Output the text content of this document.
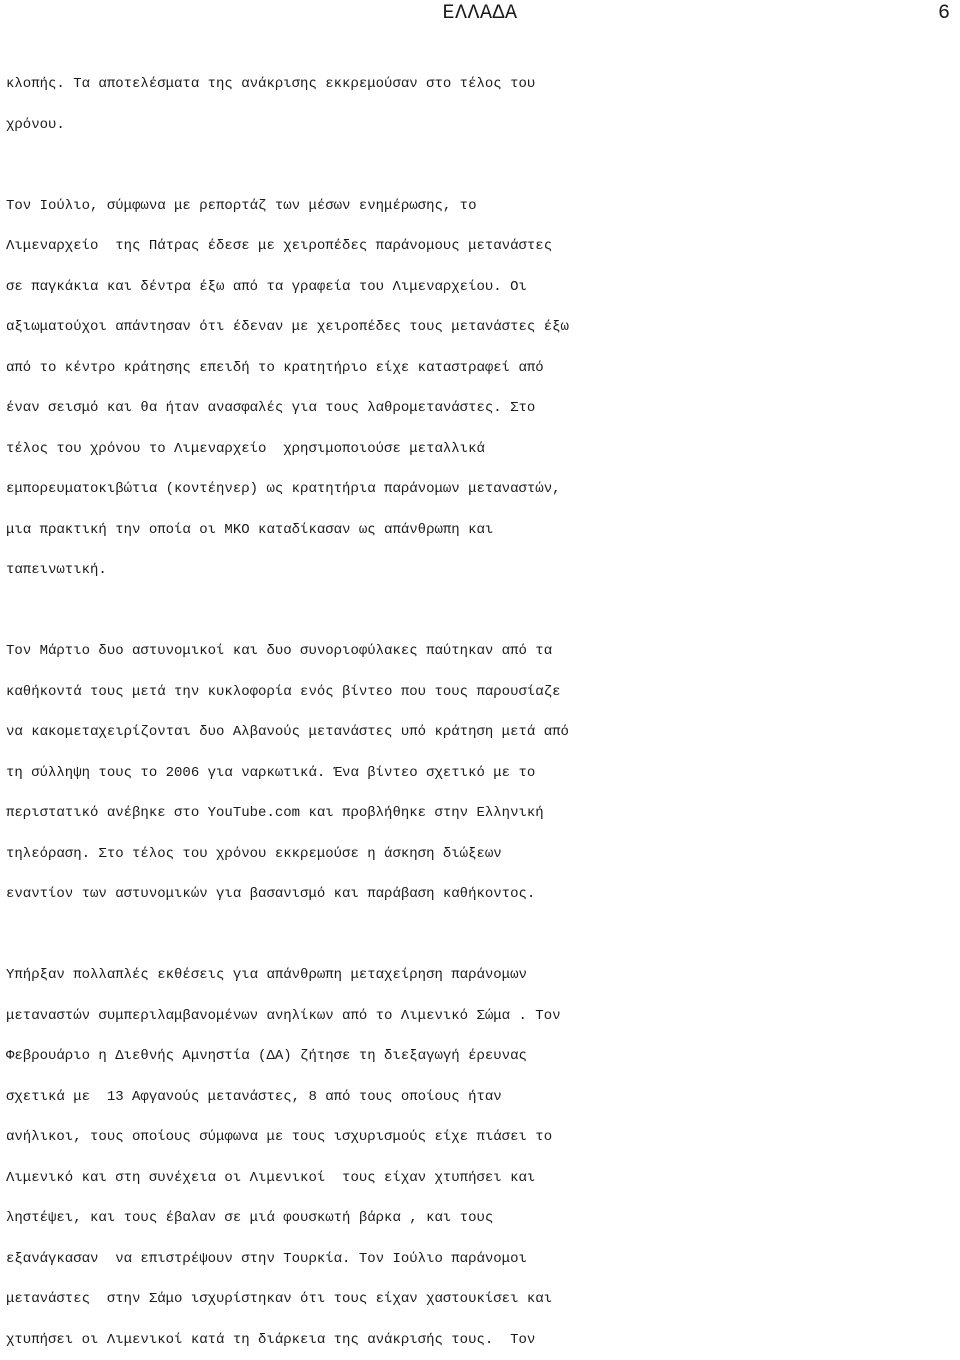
ΕΛΛΑΔΑ	6
κλοπής. Τα αποτελέσματα της ανάκρισης εκκρεμούσαν στο τέλος του
χρόνου.
Τον Ιούλιο, σύμφωνα με ρεπορτάζ των μέσων ενημέρωσης, το
Λιμεναρχείο  της Πάτρας έδεσε με χειροπέδες παράνομους μετανάστες
σε παγκάκια και δέντρα έξω από τα γραφεία του Λιμεναρχείου. Οι
αξιωματούχοι απάντησαν ότι έδεναν με χειροπέδες τους μετανάστες έξω
από το κέντρο κράτησης επειδή το κρατητήριο είχε καταστραφεί από
έναν σεισμό και θα ήταν ανασφαλές για τους λαθρομετανάστες. Στο
τέλος του χρόνου το Λιμεναρχείο  χρησιμοποιούσε μεταλλικά
εμπορευματοκιβώτια (κοντέηνερ) ως κρατητήρια παράνομων μεταναστών,
μια πρακτική την οποία οι ΜΚΟ καταδίκασαν ως απάνθρωπη και
ταπεινωτική.
Τον Μάρτιο δυο αστυνομικοί και δυο συνοριοφύλακες παύτηκαν από τα
καθήκοντά τους μετά την κυκλοφορία ενός βίντεο που τους παρουσίαζε
να κακομεταχειρίζονται δυο Αλβανούς μετανάστες υπό κράτηση μετά από
τη σύλληψη τους το 2006 για ναρκωτικά. Ένα βίντεο σχετικό με το
περιστατικό ανέβηκε στο YouTube.com και προβλήθηκε στην Ελληνική
τηλεόραση. Στο τέλος του χρόνου εκκρεμούσε η άσκηση διώξεων
εναντίον των αστυνομικών για βασανισμό και παράβαση καθήκοντος.
Υπήρξαν πολλαπλές εκθέσεις για απάνθρωπη μεταχείρηση παράνομων
μεταναστών συμπεριλαμβανομένων ανηλίκων από το Λιμενικό Σώμα . Τον
Φεβρουάριο η Διεθνής Αμνηστία (ΔΑ) ζήτησε τη διεξαγωγή έρευνας
σχετικά με  13 Αφγανούς μετανάστες, 8 από τους οποίους ήταν
ανήλικοι, τους οποίους σύμφωνα με τους ισχυρισμούς είχε πιάσει το
Λιμενικό και στη συνέχεια οι Λιμενικοί  τους είχαν χτυπήσει και
ληστέψει, και τους έβαλαν σε μιά φουσκωτή βάρκα , και τους
εξανάγκασαν  να επιστρέψουν στην Τουρκία. Τον Ιούλιο παράνομοι
μετανάστες  στην Σάμο ισχυρίστηκαν ότι τους είχαν χαστουκίσει και
χτυπήσει οι Λιμενικοί κατά τη διάρκεια της ανάκρισής τους.  Τον
